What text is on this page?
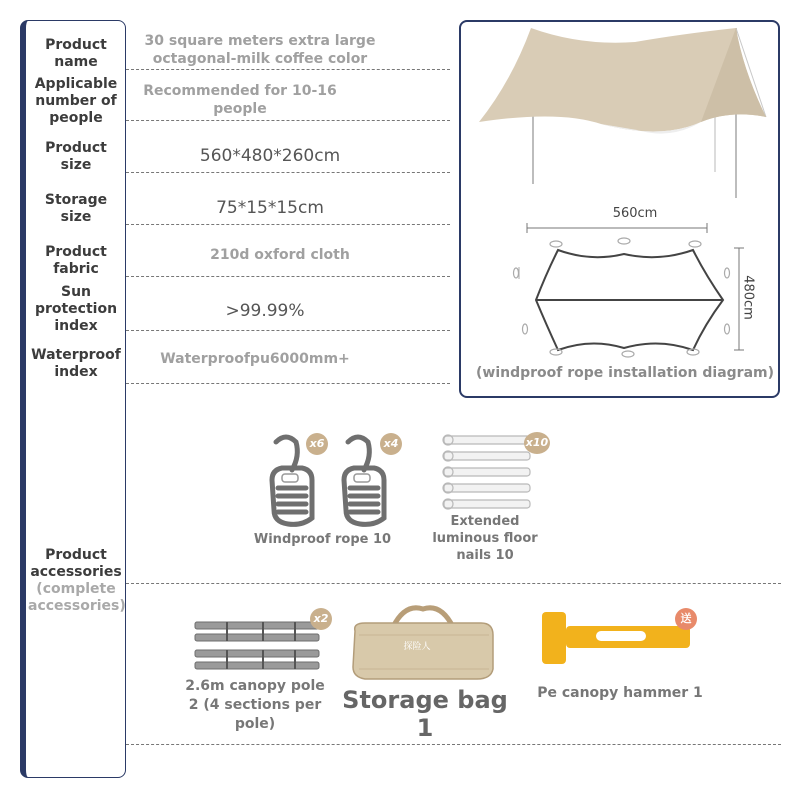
Product name
Applicable number of people
Product size
Storage size
Product fabric
Sun protection index
Waterproof index
30 square meters extra large octagonal-milk coffee color
Recommended for 10-16 people
560*480*260cm
75*15*15cm
210d oxford cloth
>99.99%
Waterproofpu6000mm+
Product accessories
(complete accessories)
560cm
480cm
(windproof rope installation diagram)
x6	x4
Windproof rope 10
x10
Extended luminous floor nails 10
x2
2.6m canopy pole 2 (4 sections per pole)
探险人
Storage bag 1
送
Pe canopy hammer 1
